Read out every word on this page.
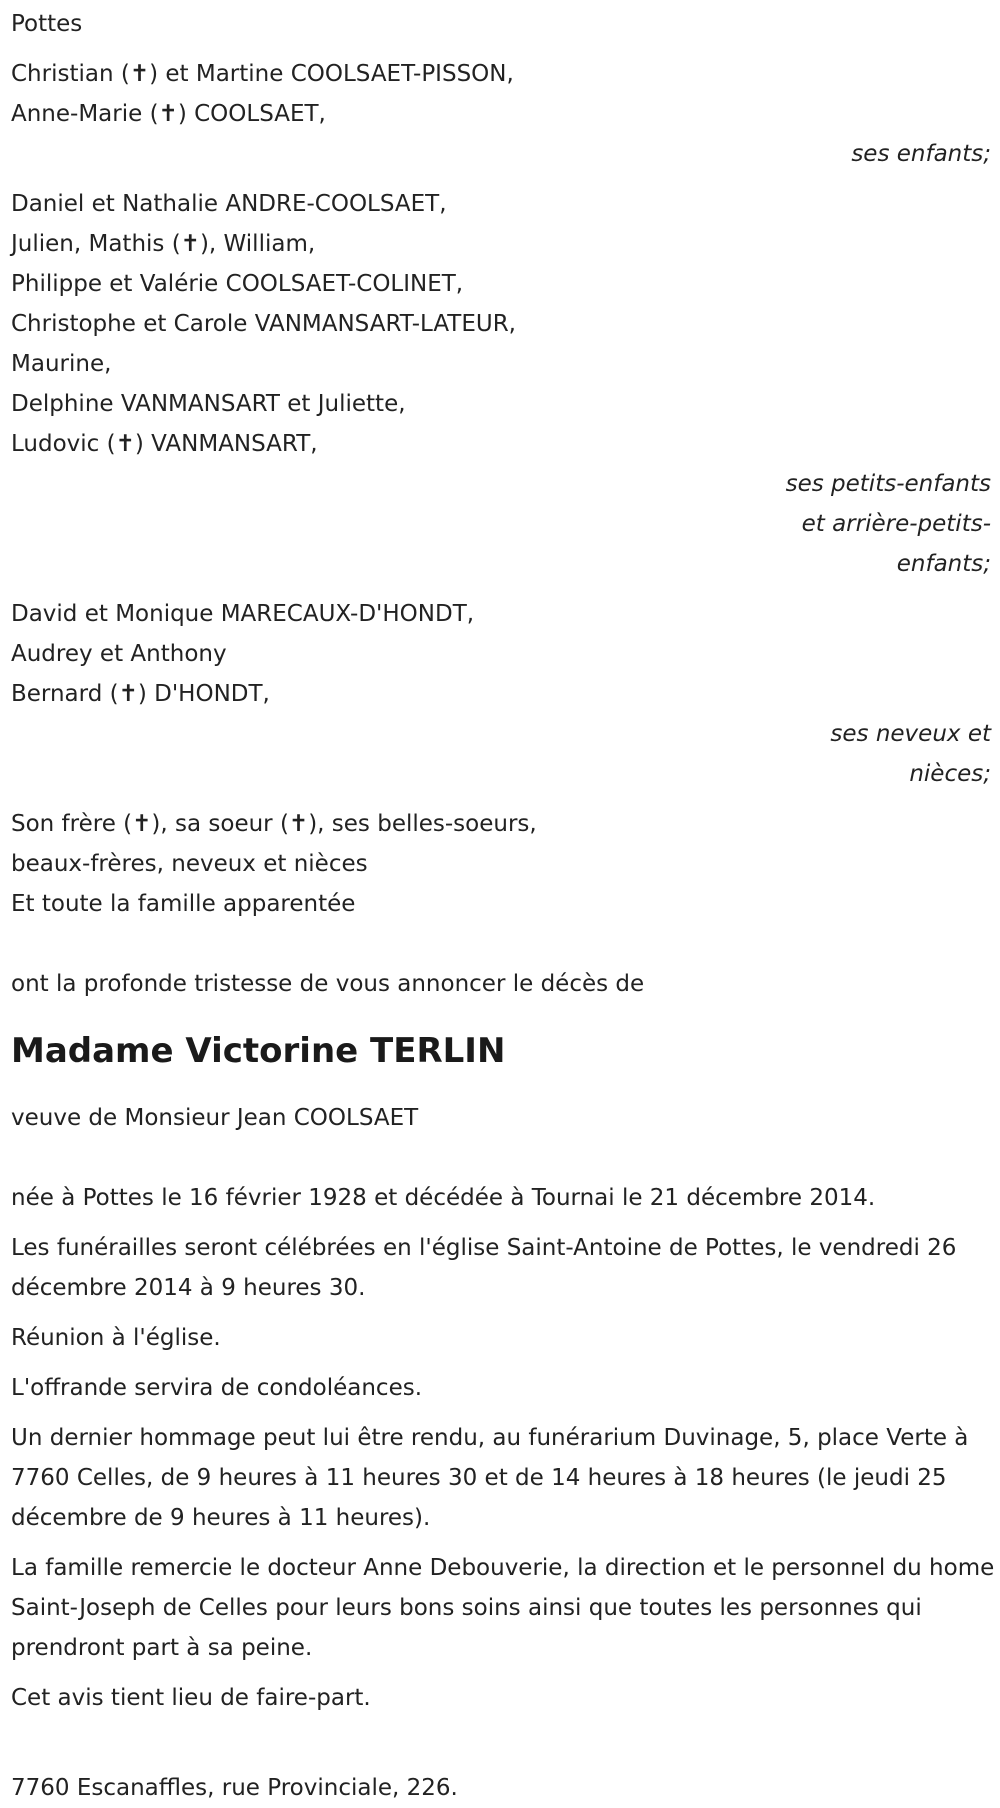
Pottes
Christian (✝) et Martine COOLSAET-PISSON,
Anne-Marie (✝) COOLSAET,
ses enfants;
Daniel et Nathalie ANDRE-COOLSAET,
Julien, Mathis (✝), William,
Philippe et Valérie COOLSAET-COLINET,
Christophe et Carole VANMANSART-LATEUR,
Maurine,
Delphine VANMANSART et Juliette,
Ludovic (✝) VANMANSART,
ses petits-enfants
et arrière-petits-
enfants;
David et Monique MARECAUX-D'HONDT,
Audrey et Anthony
Bernard (✝) D'HONDT,
ses neveux et
nièces;
Son frère (✝), sa soeur (✝), ses belles-soeurs,
beaux-frères, neveux et nièces
Et toute la famille apparentée
ont la profonde tristesse de vous annoncer le décès de
Madame Victorine TERLIN
veuve de Monsieur Jean COOLSAET
née à Pottes le 16 février 1928 et décédée à Tournai le 21 décembre 2014.
Les funérailles seront célébrées en l'église Saint-Antoine de Pottes, le vendredi 26 décembre 2014 à 9 heures 30.
Réunion à l'église.
L'offrande servira de condoléances.
Un dernier hommage peut lui être rendu, au funérarium Duvinage, 5, place Verte à 7760 Celles, de 9 heures à 11 heures 30 et de 14 heures à 18 heures (le jeudi 25 décembre de 9 heures à 11 heures).
La famille remercie le docteur Anne Debouverie, la direction et le personnel du home Saint-Joseph de Celles pour leurs bons soins ainsi que toutes les personnes qui prendront part à sa peine.
Cet avis tient lieu de faire-part.
7760 Escanaffles, rue Provinciale, 226.
